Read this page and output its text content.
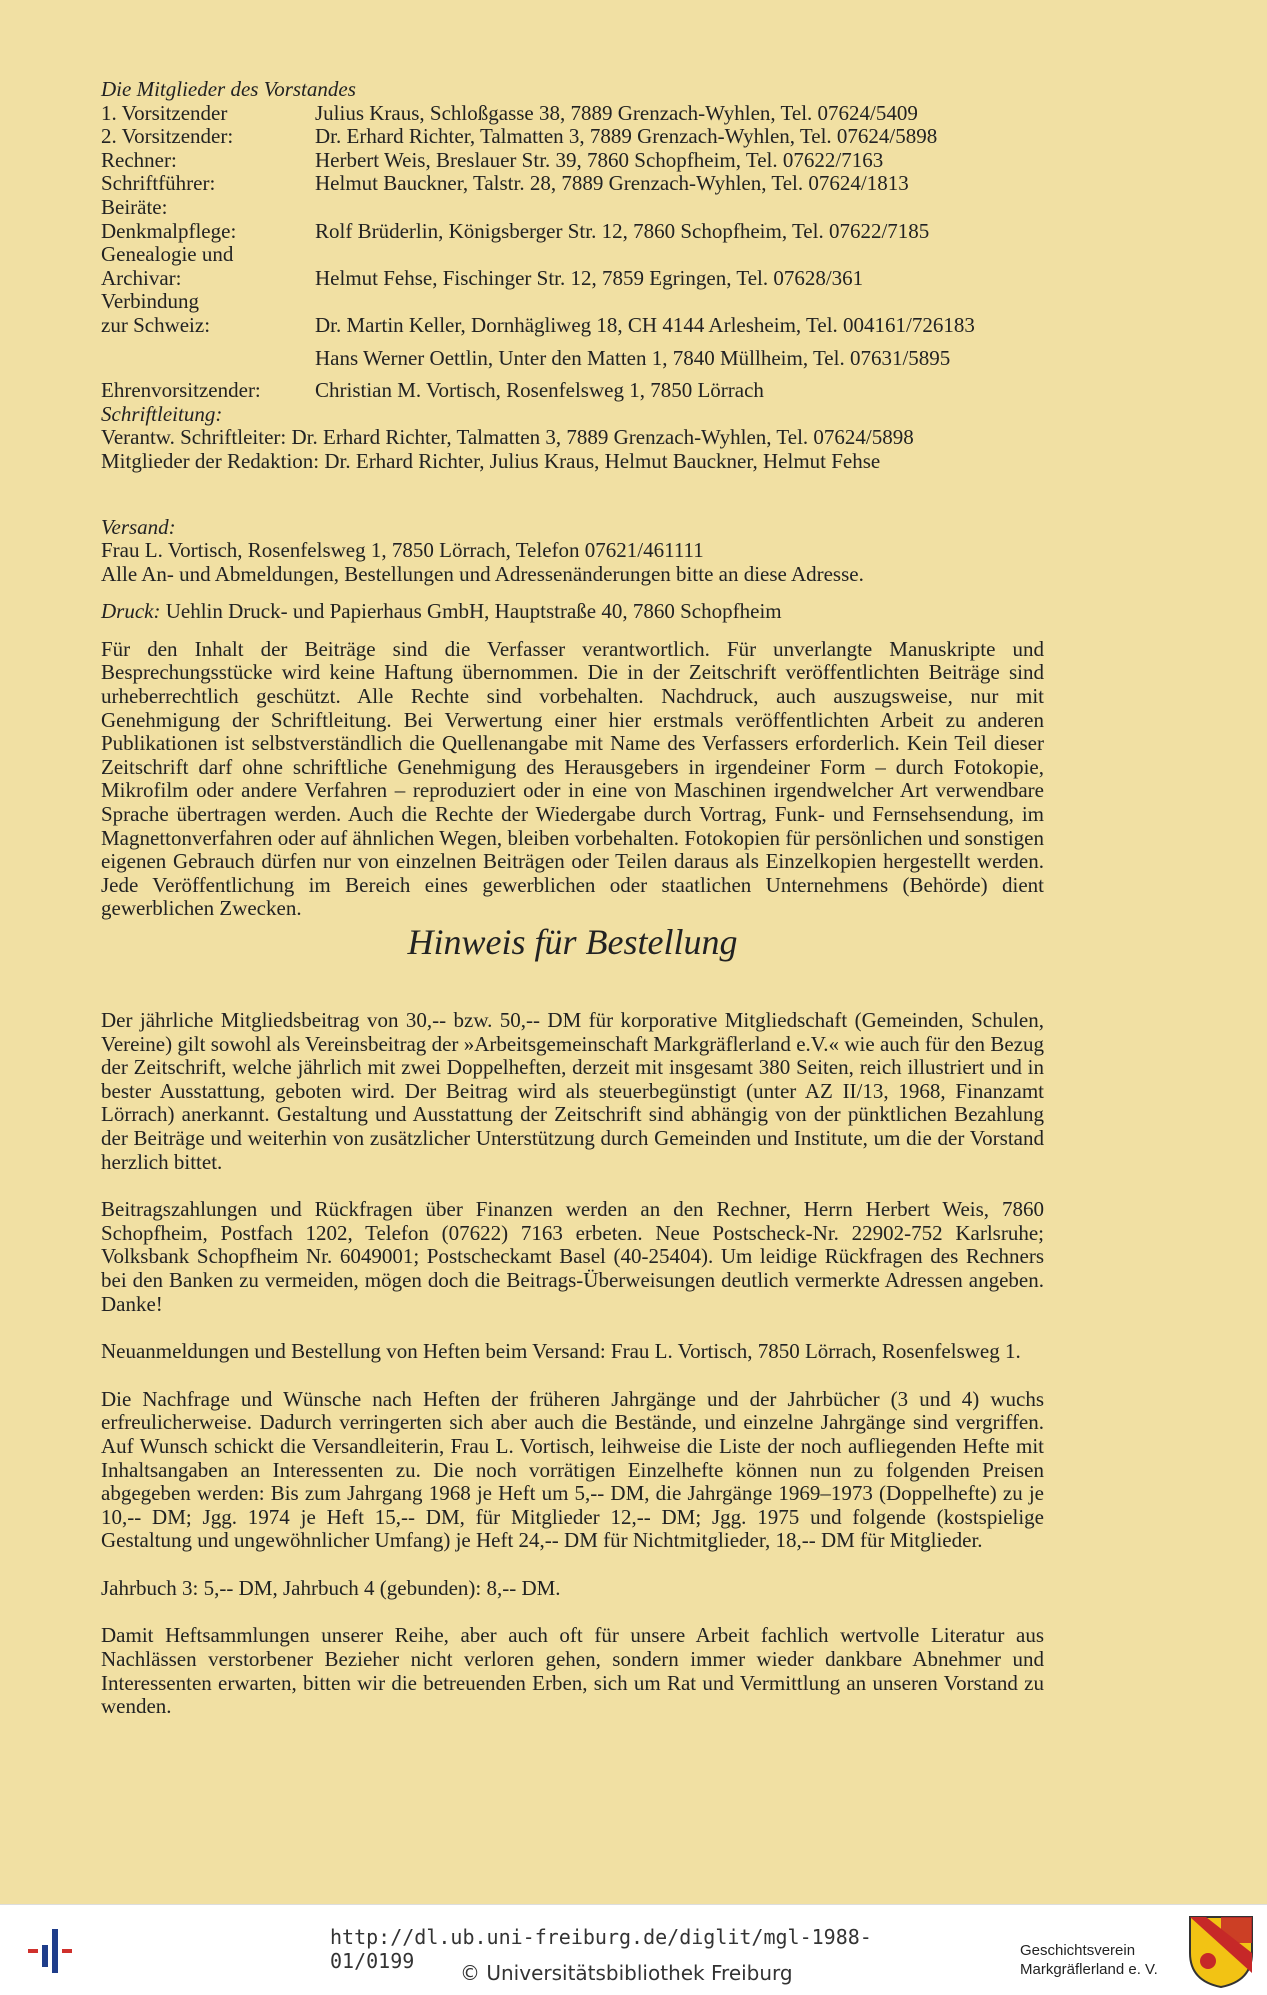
Die Mitglieder des Vorstandes
1. Vorsitzender	Julius Kraus, Schloßgasse 38, 7889 Grenzach-Wyhlen, Tel. 07624/5409
2. Vorsitzender:	Dr. Erhard Richter, Talmatten 3, 7889 Grenzach-Wyhlen, Tel. 07624/5898
Rechner:	Herbert Weis, Breslauer Str. 39, 7860 Schopfheim, Tel. 07622/7163
Schriftführer:	Helmut Bauckner, Talstr. 28, 7889 Grenzach-Wyhlen, Tel. 07624/1813
Beiräte:
Denkmalpflege:	Rolf Brüderlin, Königsberger Str. 12, 7860 Schopfheim, Tel. 07622/7185
Genealogie und
Archivar:	Helmut Fehse, Fischinger Str. 12, 7859 Egringen, Tel. 07628/361
Verbindung
zur Schweiz:	Dr. Martin Keller, Dornhägliweg 18, CH 4144 Arlesheim, Tel. 004161/726183
Hans Werner Oettlin, Unter den Matten 1, 7840 Müllheim, Tel. 07631/5895
Ehrenvorsitzender:	Christian M. Vortisch, Rosenfelsweg 1, 7850 Lörrach
Schriftleitung:
Verantw. Schriftleiter: Dr. Erhard Richter, Talmatten 3, 7889 Grenzach-Wyhlen, Tel. 07624/5898
Mitglieder der Redaktion: Dr. Erhard Richter, Julius Kraus, Helmut Bauckner, Helmut Fehse
Versand:
Frau L. Vortisch, Rosenfelsweg 1, 7850 Lörrach, Telefon 07621/461111
Alle An- und Abmeldungen, Bestellungen und Adressenänderungen bitte an diese Adresse.
Druck: Uehlin Druck- und Papierhaus GmbH, Hauptstraße 40, 7860 Schopfheim

Für den Inhalt der Beiträge sind die Verfasser verantwortlich. Für unverlangte Manuskripte und Besprechungsstücke wird keine Haftung übernommen. Die in der Zeitschrift veröffentlichten Beiträge sind urheberrechtlich geschützt. Alle Rechte sind vorbehalten. Nachdruck, auch auszugsweise, nur mit Genehmigung der Schriftleitung. Bei Verwertung einer hier erstmals veröffentlichten Arbeit zu anderen Publikationen ist selbstverständlich die Quellenangabe mit Name des Verfassers erforderlich. Kein Teil dieser Zeitschrift darf ohne schriftliche Genehmigung des Herausgebers in irgendeiner Form – durch Fotokopie, Mikrofilm oder andere Verfahren – reproduziert oder in eine von Maschinen irgendwelcher Art verwendbare Sprache übertragen werden. Auch die Rechte der Wiedergabe durch Vortrag, Funk- und Fernsehsendung, im Magnettonverfahren oder auf ähnlichen Wegen, bleiben vorbehalten. Fotokopien für persönlichen und sonstigen eigenen Gebrauch dürfen nur von einzelnen Beiträgen oder Teilen daraus als Einzelkopien hergestellt werden. Jede Veröffentlichung im Bereich eines gewerblichen oder staatlichen Unternehmens (Behörde) dient gewerblichen Zwecken.

Hinweis für Bestellung

Der jährliche Mitgliedsbeitrag von 30,-- bzw. 50,-- DM für korporative Mitgliedschaft (Gemeinden, Schulen, Vereine) gilt sowohl als Vereinsbeitrag der »Arbeitsgemeinschaft Markgräflerland e.V.« wie auch für den Bezug der Zeitschrift, welche jährlich mit zwei Doppelheften, derzeit mit insgesamt 380 Seiten, reich illustriert und in bester Ausstattung, geboten wird. Der Beitrag wird als steuerbegünstigt (unter AZ II/13, 1968, Finanzamt Lörrach) anerkannt. Gestaltung und Ausstattung der Zeitschrift sind abhängig von der pünktlichen Bezahlung der Beiträge und weiterhin von zusätzlicher Unterstützung durch Gemeinden und Institute, um die der Vorstand herzlich bittet.

Beitragszahlungen und Rückfragen über Finanzen werden an den Rechner, Herrn Herbert Weis, 7860 Schopfheim, Postfach 1202, Telefon (07622) 7163 erbeten. Neue Postscheck-Nr. 22902-752 Karlsruhe; Volksbank Schopfheim Nr. 6049001; Postscheckamt Basel (40-25404). Um leidige Rückfragen des Rechners bei den Banken zu vermeiden, mögen doch die Beitrags-Überweisungen deutlich vermerkte Adressen angeben. Danke!

Neuanmeldungen und Bestellung von Heften beim Versand: Frau L. Vortisch, 7850 Lörrach, Rosenfelsweg 1.

Die Nachfrage und Wünsche nach Heften der früheren Jahrgänge und der Jahrbücher (3 und 4) wuchs erfreulicherweise. Dadurch verringerten sich aber auch die Bestände, und einzelne Jahrgänge sind vergriffen. Auf Wunsch schickt die Versandleiterin, Frau L. Vortisch, leihweise die Liste der noch aufliegenden Hefte mit Inhaltsangaben an Interessenten zu. Die noch vorrätigen Einzelhefte können nun zu folgenden Preisen abgegeben werden: Bis zum Jahrgang 1968 je Heft um 5,-- DM, die Jahrgänge 1969–1973 (Doppelhefte) zu je 10,-- DM; Jgg. 1974 je Heft 15,-- DM, für Mitglieder 12,-- DM; Jgg. 1975 und folgende (kostspielige Gestaltung und ungewöhnlicher Umfang) je Heft 24,-- DM für Nichtmitglieder, 18,-- DM für Mitglieder.

Jahrbuch 3: 5,-- DM, Jahrbuch 4 (gebunden): 8,-- DM.

Damit Heftsammlungen unserer Reihe, aber auch oft für unsere Arbeit fachlich wertvolle Literatur aus Nachlässen verstorbener Bezieher nicht verloren gehen, sondern immer wieder dankbare Abnehmer und Interessenten erwarten, bitten wir die betreuenden Erben, sich um Rat und Vermittlung an unseren Vorstand zu wenden.

http://dl.ub.uni-freiburg.de/diglit/mgl-1988-01/0199	© Universitätsbibliothek Freiburg
Geschichtsverein
Markgräflerland e. V.
